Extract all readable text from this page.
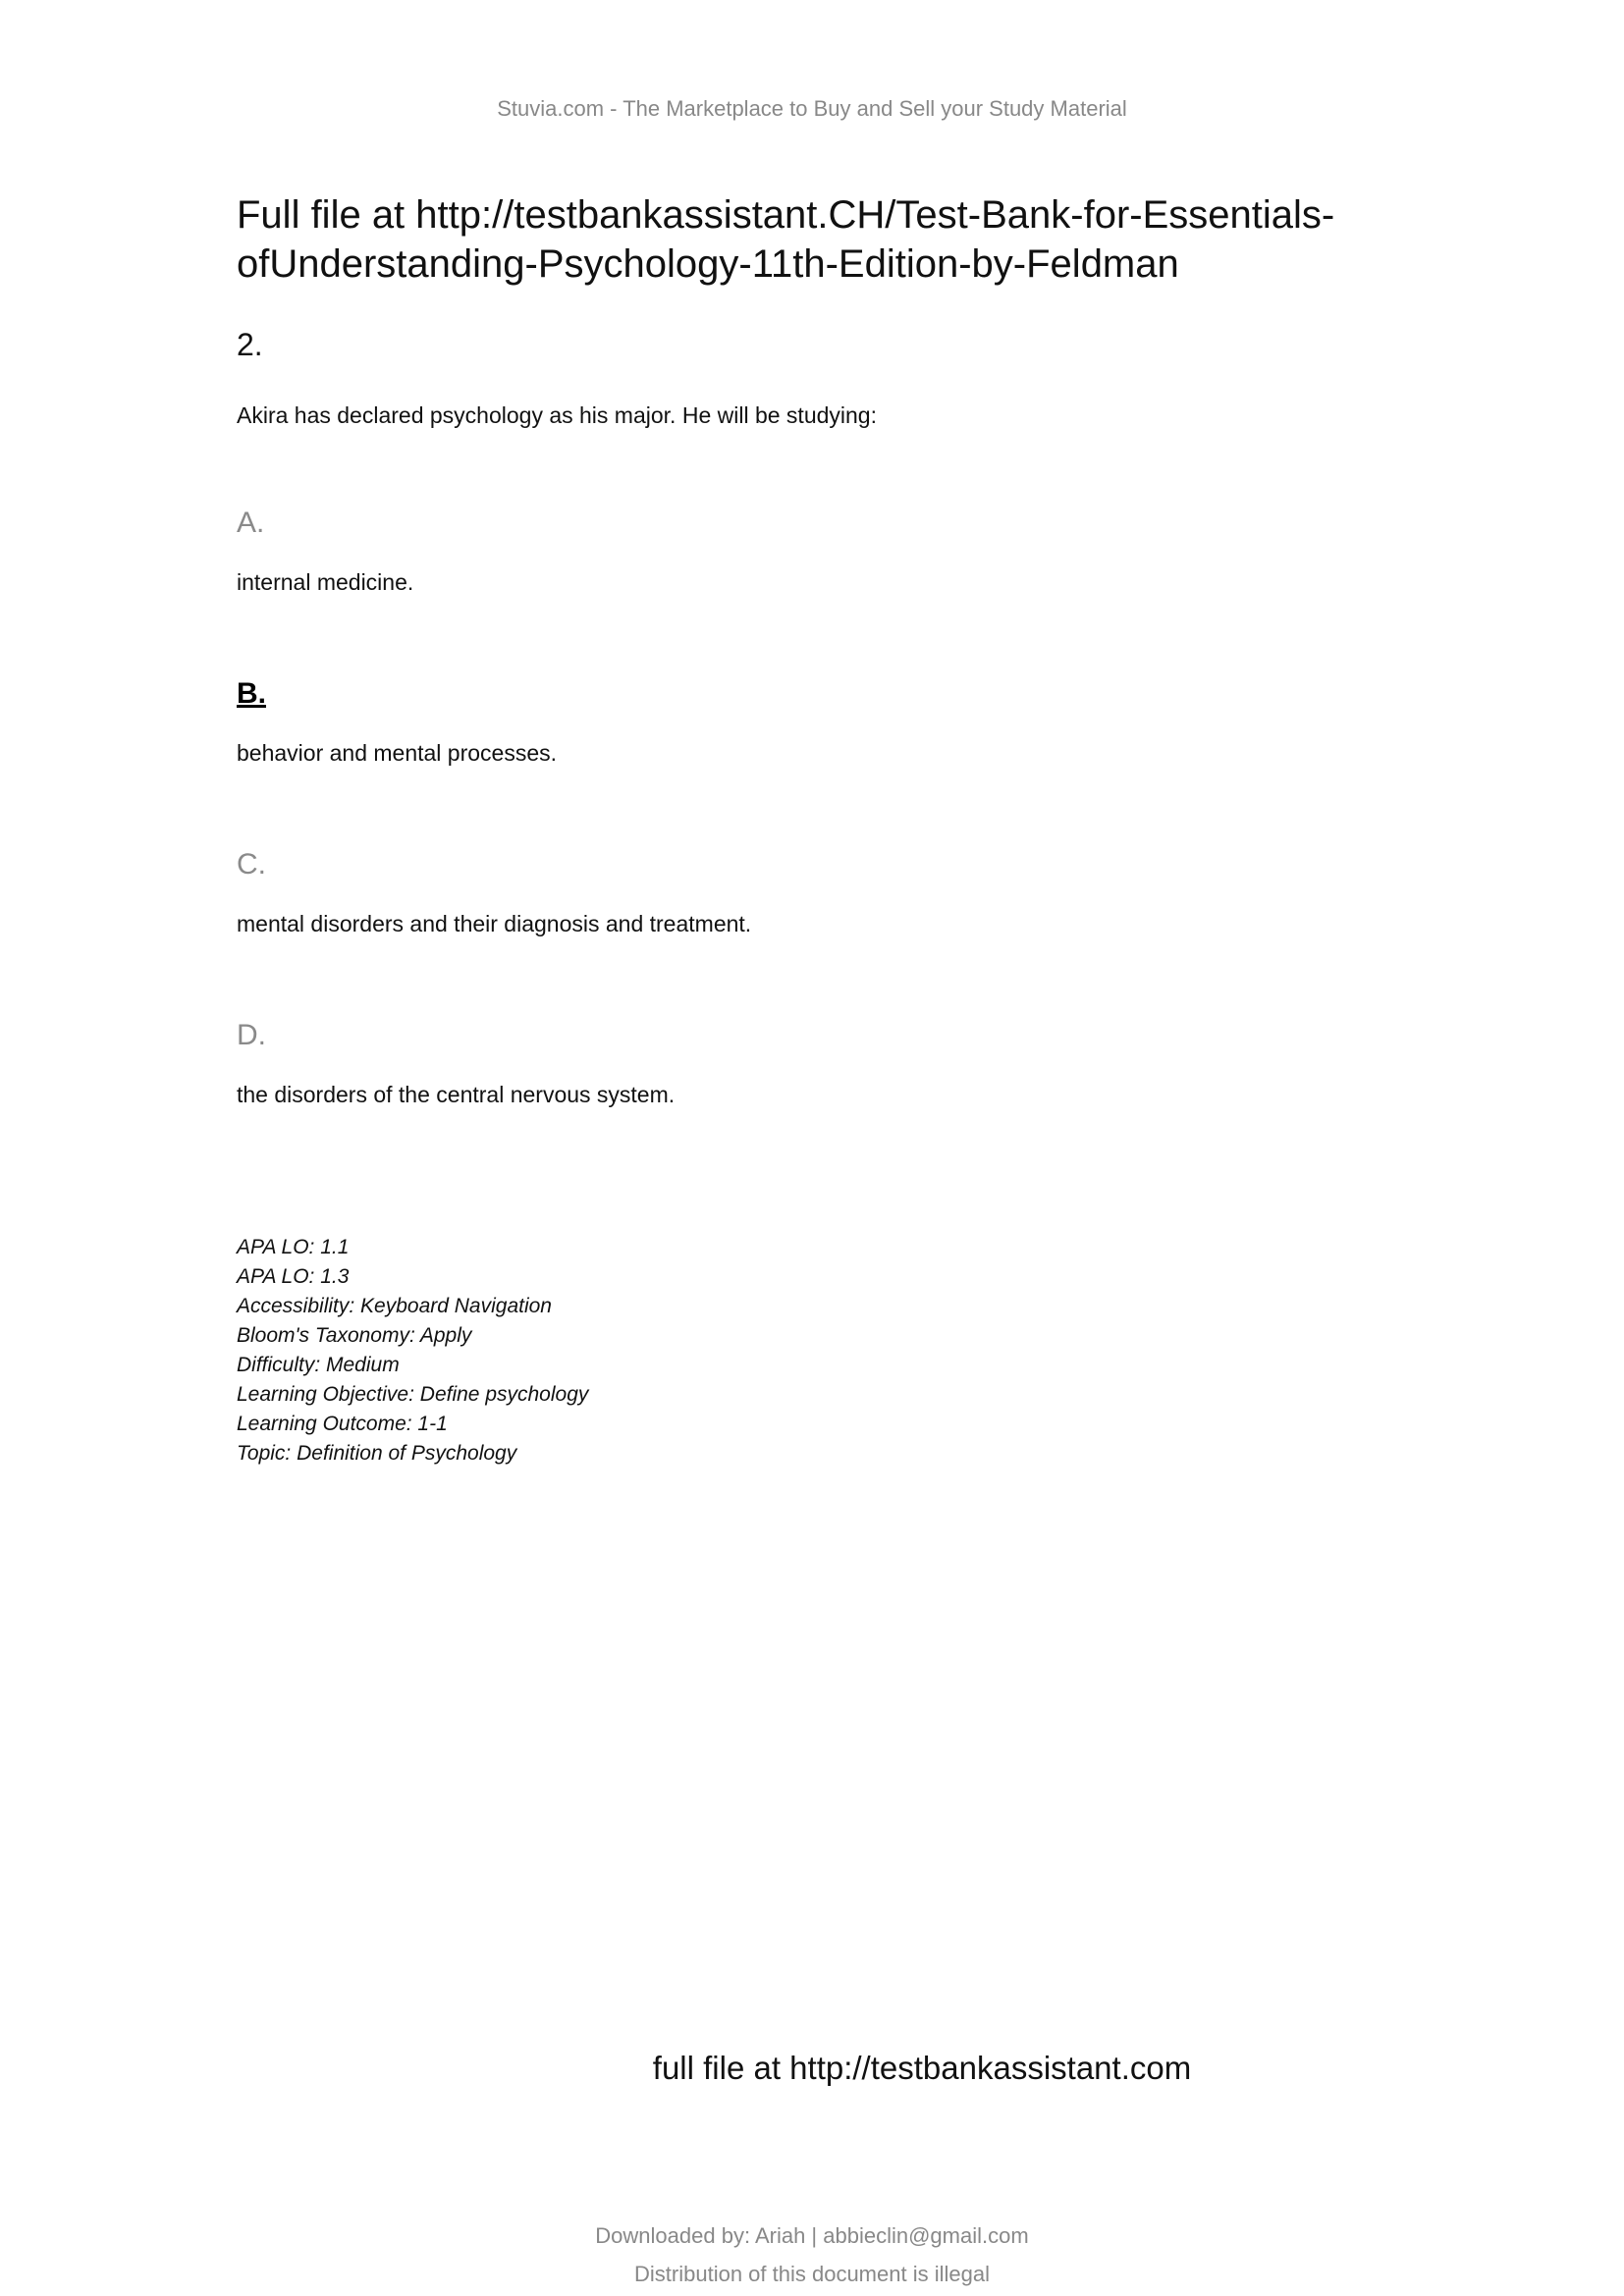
Stuvia.com - The Marketplace to Buy and Sell your Study Material
Full file at http://testbankassistant.CH/Test-Bank-for-Essentials-
ofUnderstanding-Psychology-11th-Edition-by-Feldman
2.
Akira has declared psychology as his major. He will be studying:
A.
internal medicine.
B.
behavior and mental processes.
C.
mental disorders and their diagnosis and treatment.
D.
the disorders of the central nervous system.
APA LO: 1.1
APA LO: 1.3
Accessibility: Keyboard Navigation
Bloom's Taxonomy: Apply
Difficulty: Medium
Learning Objective: Define psychology
Learning Outcome: 1-1
Topic: Definition of Psychology
full file at http://testbankassistant.com
Downloaded by: Ariah | abbieclin@gmail.com
Distribution of this document is illegal
